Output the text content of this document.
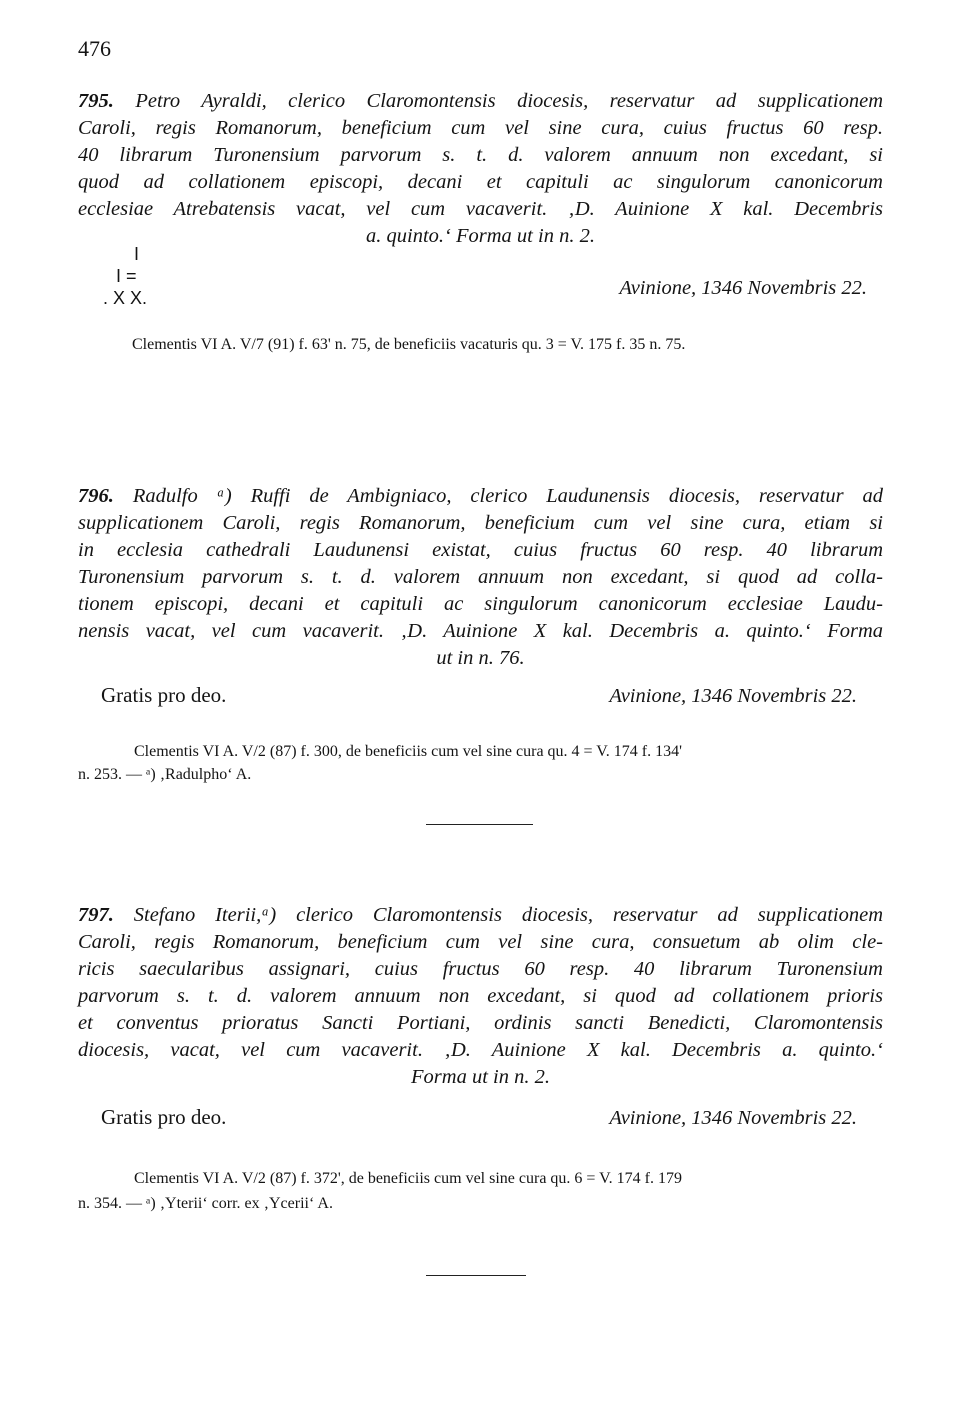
476
795. Petro Ayraldi, clerico Claromontensis diocesis, reservatur ad supplicationem
Caroli, regis Romanorum, beneficium cum vel sine cura, cuius fructus 60 resp.
40 librarum Turonensium parvorum s. t. d. valorem annuum non excedant, si
quod ad collationem episcopi, decani et capituli ac singulorum canonicorum
ecclesiae Atrebatensis vacat, vel cum vacaverit. ‚D. Auinione X kal. Decembris
a. quinto.‘ Forma ut in n. 2.
I
I =
. X X.	Avinione, 1346 Novembris 22.
Clementis VI A. V/7 (91) f. 63' n. 75, de beneficiis vacaturis qu. 3 = V. 175 f. 35 n. 75.
796. Radulfo ᵃ) Ruffi de Ambigniaco, clerico Laudunensis diocesis, reservatur ad
supplicationem Caroli, regis Romanorum, beneficium cum vel sine cura, etiam si
in ecclesia cathedrali Laudunensi existat, cuius fructus 60 resp. 40 librarum
Turonensium parvorum s. t. d. valorem annuum non excedant, si quod ad colla-
tionem episcopi, decani et capituli ac singulorum canonicorum ecclesiae Laudu-
nensis vacat, vel cum vacaverit. ‚D. Auinione X kal. Decembris a. quinto.‘ Forma
ut in n. 76.
Gratis pro deo.	Avinione, 1346 Novembris 22.
Clementis VI A. V/2 (87) f. 300, de beneficiis cum vel sine cura qu. 4 = V. 174 f. 134'
n. 253. — ᵃ) ‚Radulpho‘ A.
797. Stefano Iterii,ᵃ) clerico Claromontensis diocesis, reservatur ad supplicationem
Caroli, regis Romanorum, beneficium cum vel sine cura, consuetum ab olim cle-
ricis saecularibus assignari, cuius fructus 60 resp. 40 librarum Turonensium
parvorum s. t. d. valorem annuum non excedant, si quod ad collationem prioris
et conventus prioratus Sancti Portiani, ordinis sancti Benedicti, Claromontensis
diocesis, vacat, vel cum vacaverit. ‚D. Auinione X kal. Decembris a. quinto.‘
Forma ut in n. 2.
Gratis pro deo.	Avinione, 1346 Novembris 22.
Clementis VI A. V/2 (87) f. 372', de beneficiis cum vel sine cura qu. 6 = V. 174 f. 179
n. 354. — ᵃ) ‚Yterii‘ corr. ex ‚Ycerii‘ A.
